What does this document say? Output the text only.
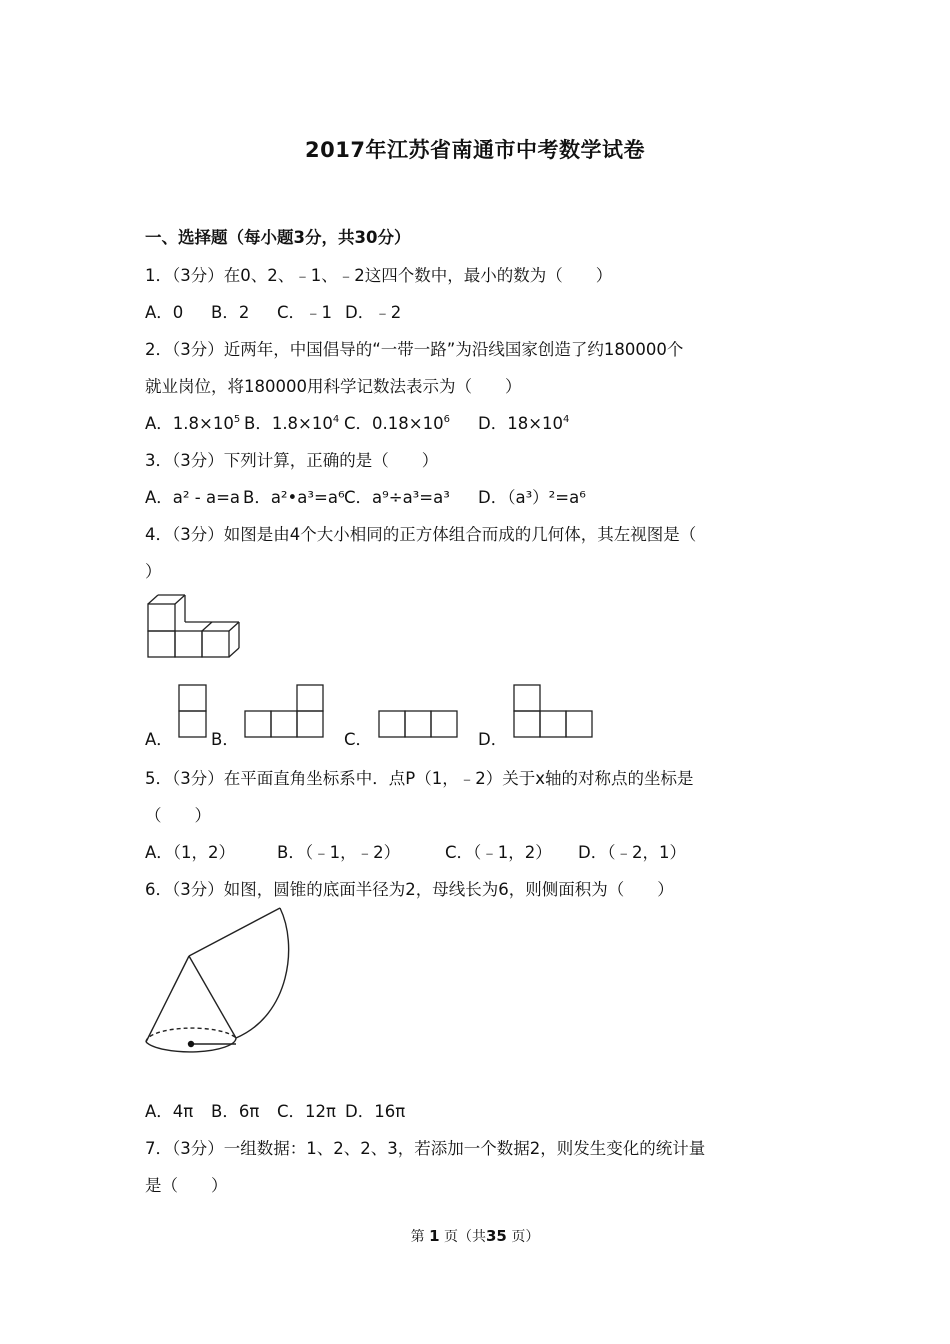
2017年江苏省南通市中考数学试卷
一、选择题（每小题3分，共30分）
1．（3分）在0、2、﹣1、﹣2这四个数中，最小的数为（　　）
A．0 B．2 C．﹣1 D．﹣2
2．（3分）近两年，中国倡导的“一带一路”为沿线国家创造了约180000个
就业岗位，将180000用科学记数法表示为（　　）
A．$1.8\times 10^5$ B．$1.8\times 10^4$ C．$0.18\times 10^6$ D．$18\times 10^4$
3．（3分）下列计算，正确的是（　　）
A．a² - a=a B．a²•a³=a⁶ C．a⁹÷a³=a³ D．（a³）²=a⁶
4．（3分）如图是由4个大小相同的正方体组合而成的几何体，其左视图是（
）
A． B．	C．	D．
5．（3分）在平面直角坐标系中．点P（1，﹣2）关于x轴的对称点的坐标是
（　　）
A．（1，2）	B．（﹣1，﹣2）	C．（﹣1，2） D．（﹣2，1）
6．（3分）如图，圆锥的底面半径为2，母线长为6，则侧面积为（　　）
A．4π B．6π C．12π D．16π
7．（3分）一组数据：1、2、2、3，若添加一个数据2，则发生变化的统计量
是（　　）
第 1 页（共35 页）
